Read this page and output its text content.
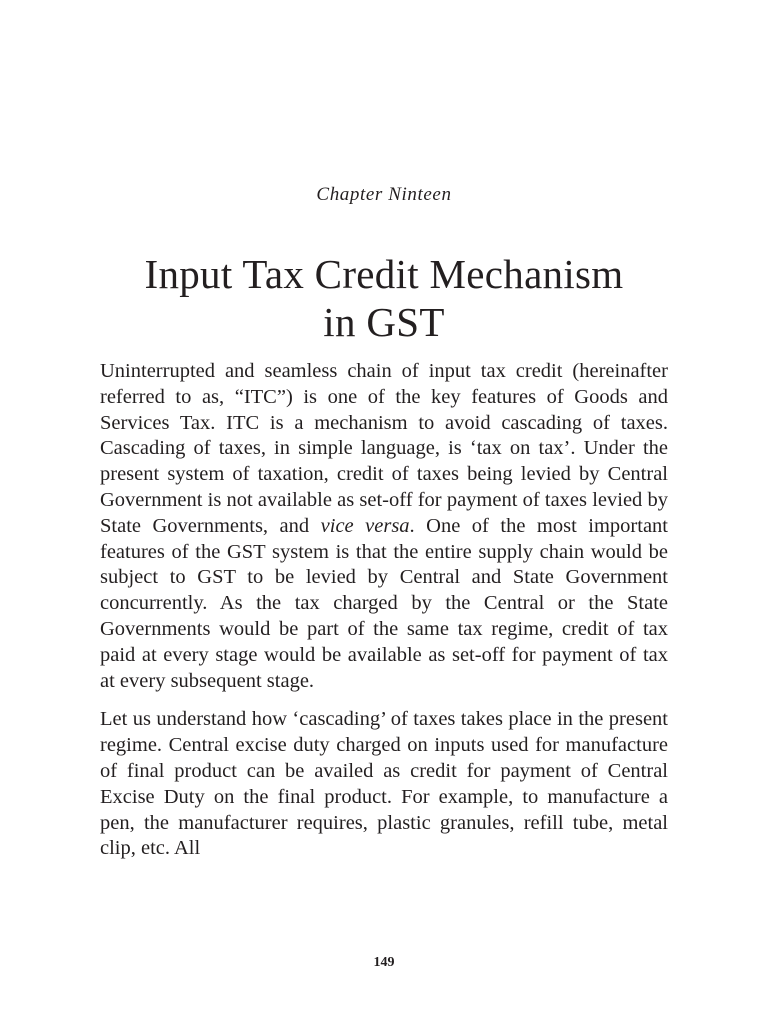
Chapter Ninteen
Input Tax Credit Mechanism
in GST

Uninterrupted and seamless chain of input tax credit (hereinafter referred to as, “ITC”) is one of the key features of Goods and Services Tax. ITC is a mechanism to avoid cascading of taxes. Cascading of taxes, in simple language, is ‘tax on tax’. Under the present system of taxation, credit of taxes being levied by Central Government is not available as set-off for payment of taxes levied by State Governments, and vice versa. One of the most important features of the GST system is that the entire supply chain would be subject to GST to be levied by Central and State Government concurrently. As the tax charged by the Central or the State Governments would be part of the same tax regime, credit of tax paid at every stage would be available as set-off for payment of tax at every subsequent stage.

Let us understand how ‘cascading’ of taxes takes place in the present regime. Central excise duty charged on inputs used for manufacture of final product can be availed as credit for payment of Central Excise Duty on the final product. For example, to manufacture a pen, the manufacturer requires, plastic granules, refill tube, metal clip, etc. All

149
